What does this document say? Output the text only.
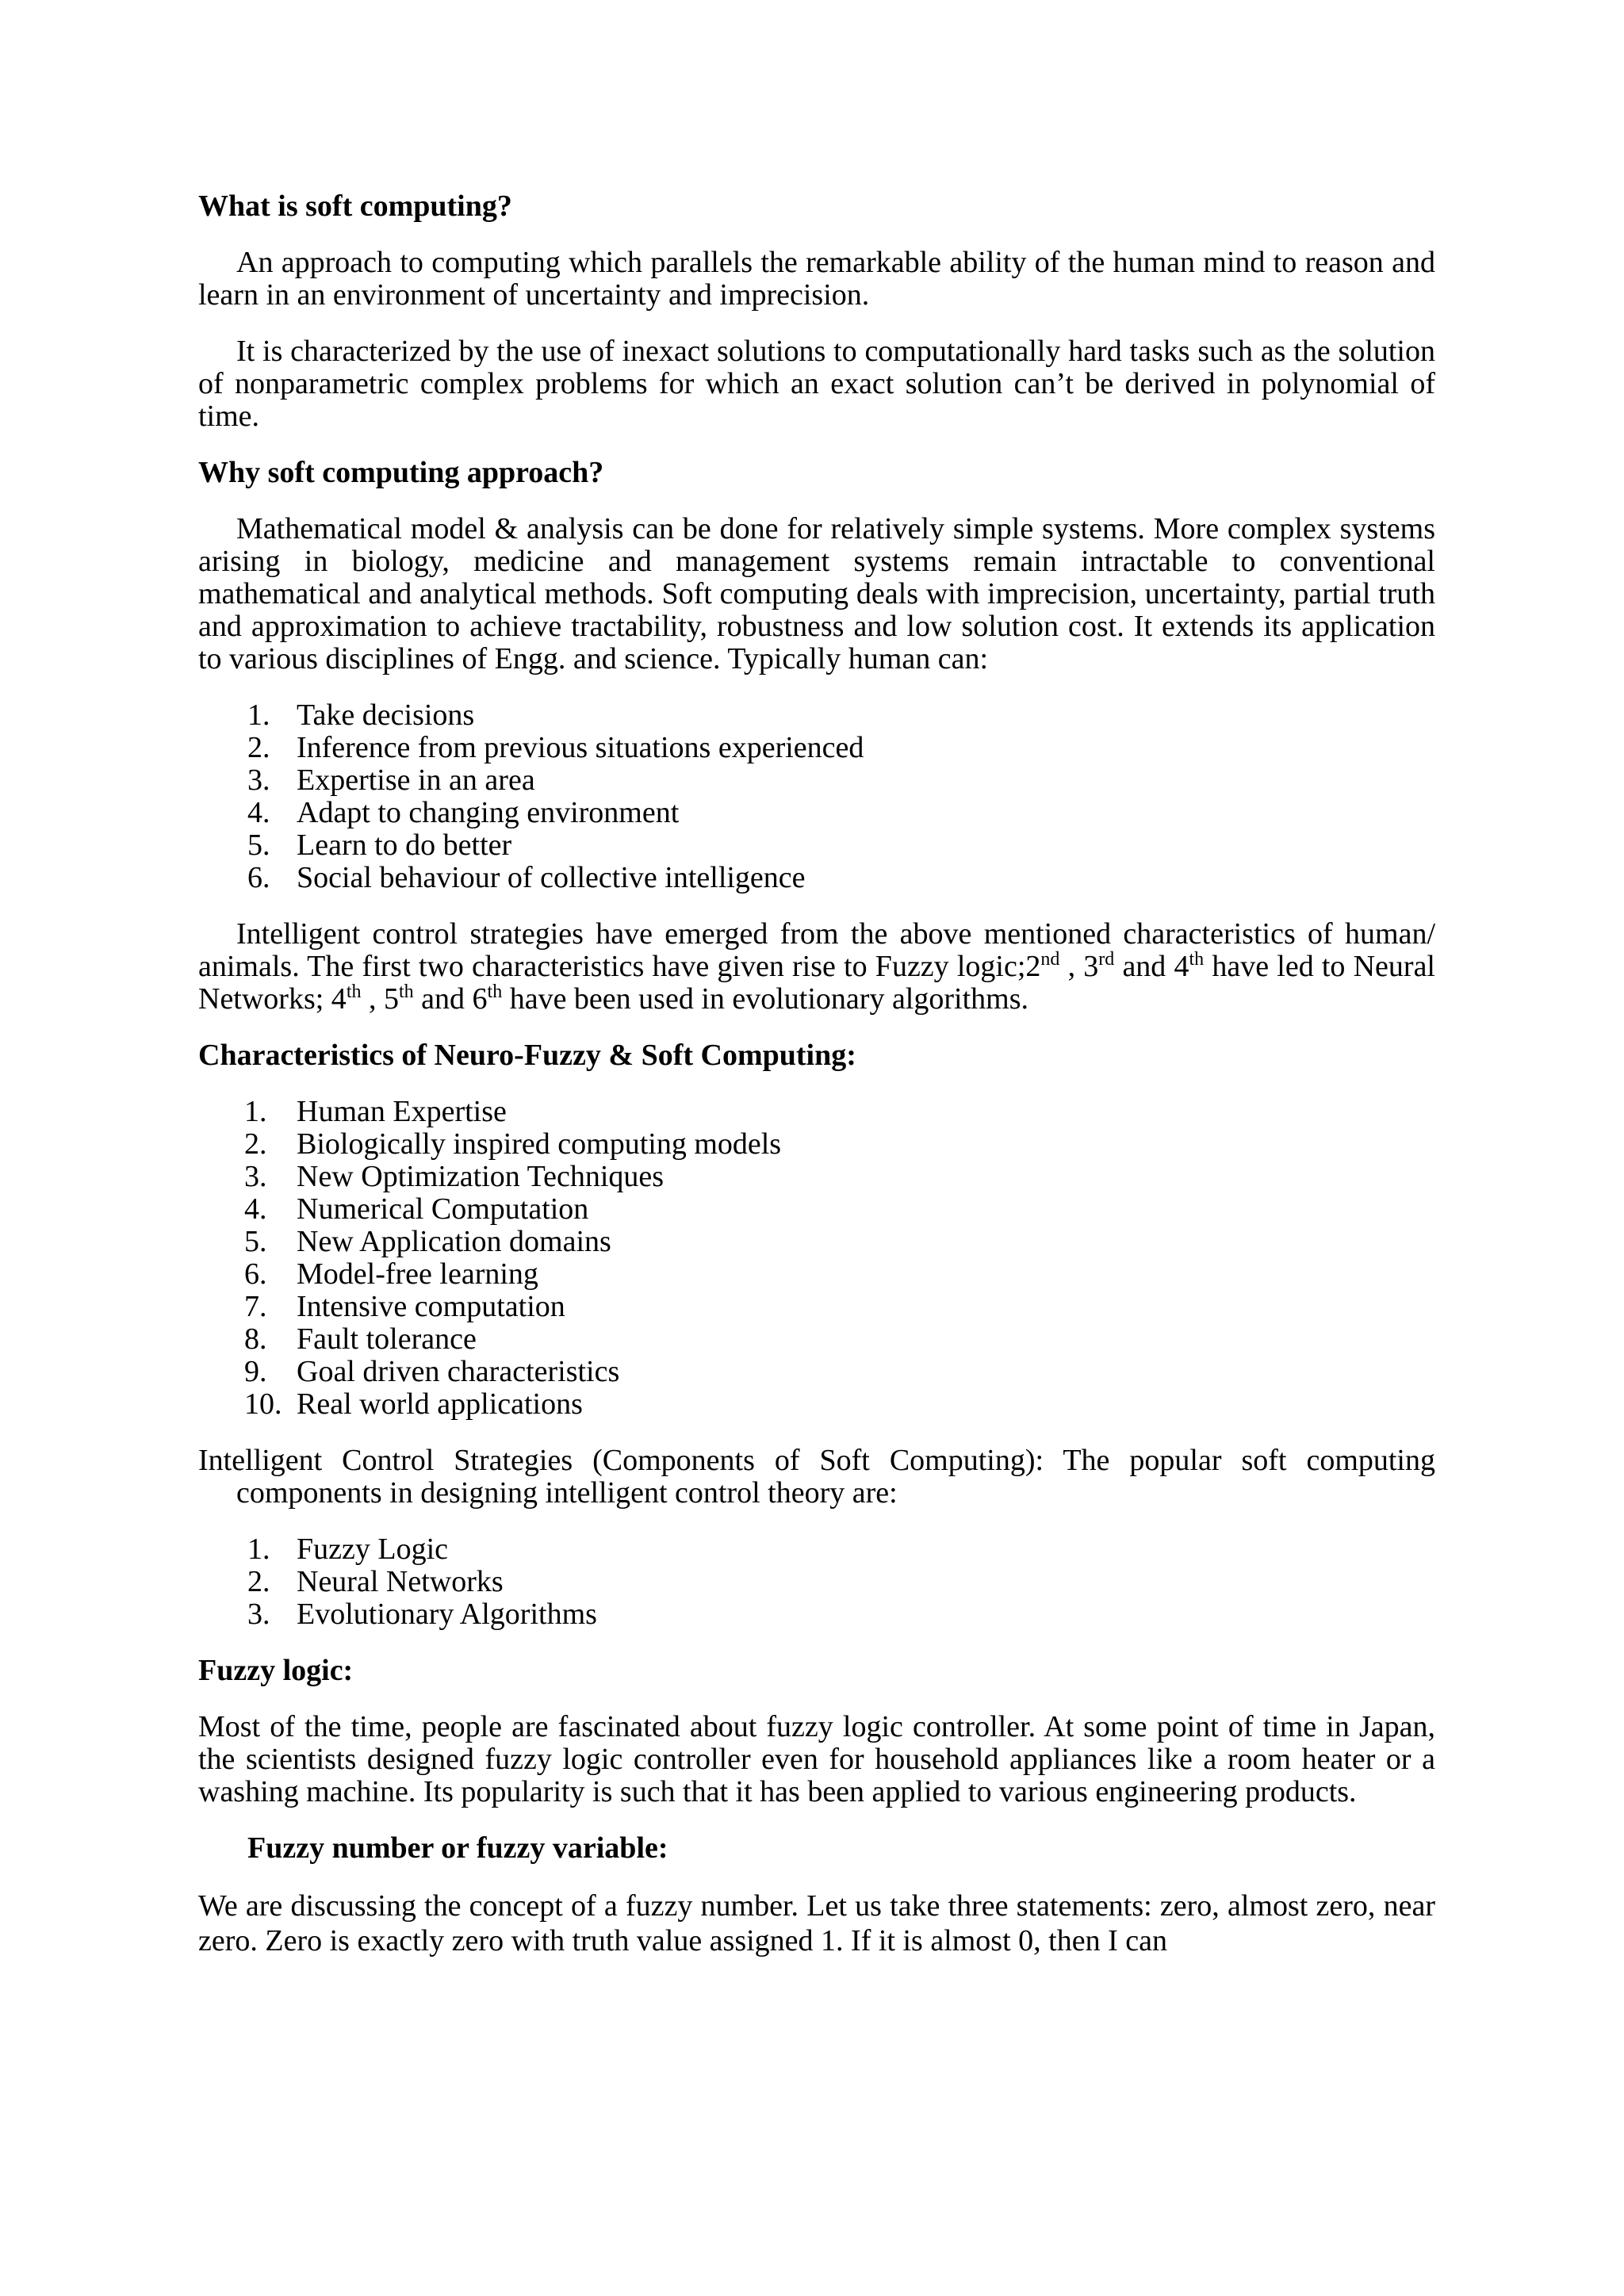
What is soft computing?

An approach to computing which parallels the remarkable ability of the human mind to reason and learn in an environment of uncertainty and imprecision.

It is characterized by the use of inexact solutions to computationally hard tasks such as the solution of nonparametric complex problems for which an exact solution can’t be derived in polynomial of time.

Why soft computing approach?

Mathematical model & analysis can be done for relatively simple systems. More complex systems arising in biology, medicine and management systems remain intractable to conventional mathematical and analytical methods. Soft computing deals with imprecision, uncertainty, partial truth and approximation to achieve tractability, robustness and low solution cost. It extends its application to various disciplines of Engg. and science. Typically human can:

1. Take decisions
2. Inference from previous situations experienced
3. Expertise in an area
4. Adapt to changing environment
5. Learn to do better
6. Social behaviour of collective intelligence

Intelligent control strategies have emerged from the above mentioned characteristics of human/ animals. The first two characteristics have given rise to Fuzzy logic;2nd , 3rd and 4th have led to Neural Networks; 4th , 5th and 6th have been used in evolutionary algorithms.

Characteristics of Neuro-Fuzzy & Soft Computing:
1. Human Expertise
2. Biologically inspired computing models
3. New Optimization Techniques
4. Numerical Computation
5. New Application domains
6. Model-free learning
7. Intensive computation
8. Fault tolerance
9. Goal driven characteristics
10. Real world applications

Intelligent Control Strategies (Components of Soft Computing): The popular soft computing components in designing intelligent control theory are:

1. Fuzzy Logic
2. Neural Networks
3. Evolutionary Algorithms
Fuzzy logic:

Most of the time, people are fascinated about fuzzy logic controller. At some point of time in Japan, the scientists designed fuzzy logic controller even for household appliances like a room heater or a washing machine. Its popularity is such that it has been applied to various engineering products.

Fuzzy number or fuzzy variable:

We are discussing the concept of a fuzzy number. Let us take three statements: zero, almost zero, near zero. Zero is exactly zero with truth value assigned 1. If it is almost 0, then I can
